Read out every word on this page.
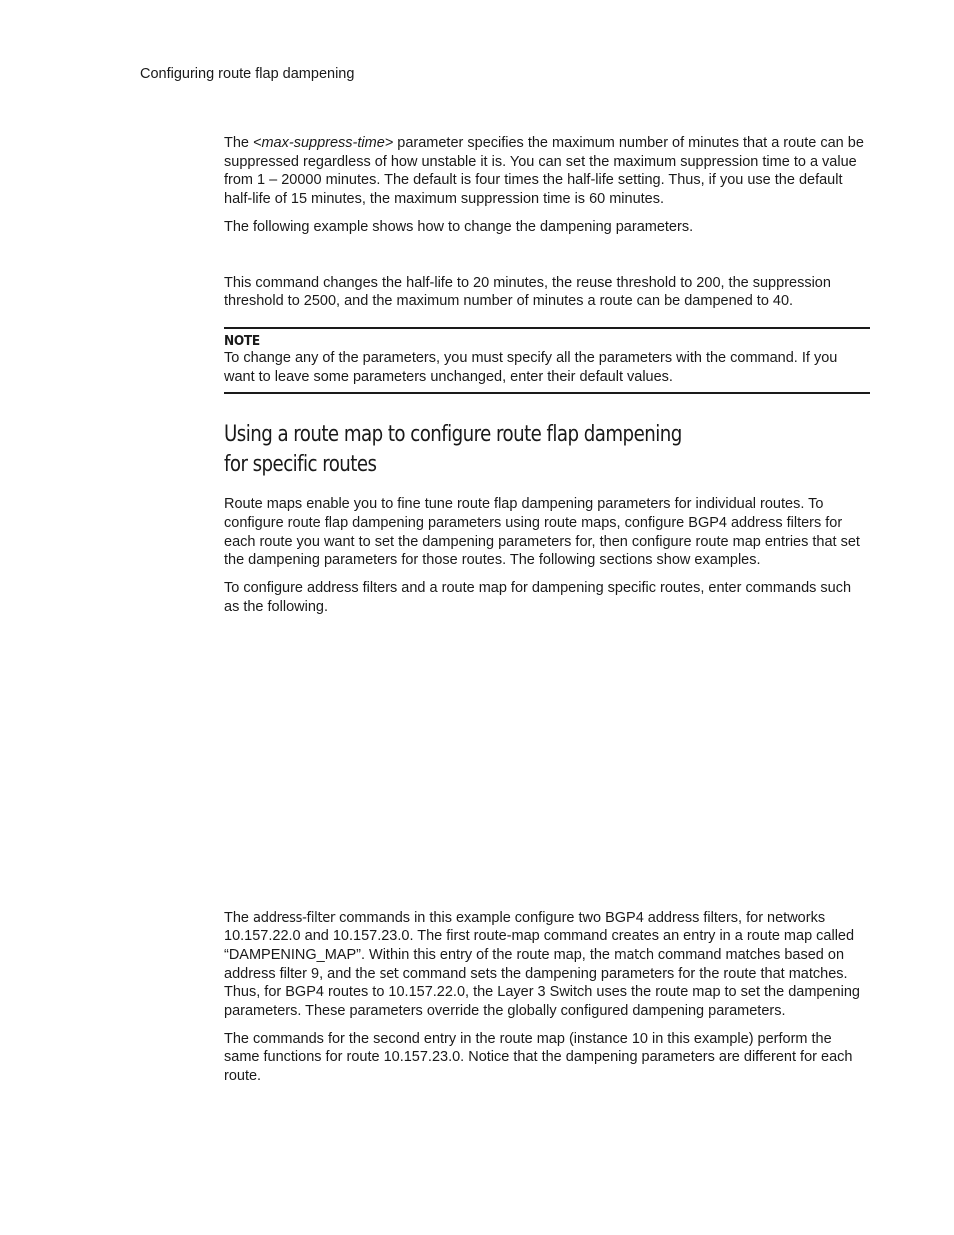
Configuring route flap dampening

The <max-suppress-time> parameter specifies the maximum number of minutes that a route can be suppressed regardless of how unstable it is. You can set the maximum suppression time to a value from 1 – 20000 minutes. The default is four times the half-life setting. Thus, if you use the default half-life of 15 minutes, the maximum suppression time is 60 minutes.

The following example shows how to change the dampening parameters.

This command changes the half-life to 20 minutes, the reuse threshold to 200, the suppression threshold to 2500, and the maximum number of minutes a route can be dampened to 40.

NOTE

To change any of the parameters, you must specify all the parameters with the command. If you want to leave some parameters unchanged, enter their default values.

Using a route map to configure route flap dampening
for specific routes

Route maps enable you to fine tune route flap dampening parameters for individual routes. To configure route flap dampening parameters using route maps, configure BGP4 address filters for each route you want to set the dampening parameters for, then configure route map entries that set the dampening parameters for those routes. The following sections show examples.

To configure address filters and a route map for dampening specific routes, enter commands such as the following.

The address-filter commands in this example configure two BGP4 address filters, for networks 10.157.22.0 and 10.157.23.0. The first route-map command creates an entry in a route map called “DAMPENING_MAP”. Within this entry of the route map, the match command matches based on address filter 9, and the set command sets the dampening parameters for the route that matches. Thus, for BGP4 routes to 10.157.22.0, the Layer 3 Switch uses the route map to set the dampening parameters. These parameters override the globally configured dampening parameters.

The commands for the second entry in the route map (instance 10 in this example) perform the same functions for route 10.157.23.0. Notice that the dampening parameters are different for each route.
